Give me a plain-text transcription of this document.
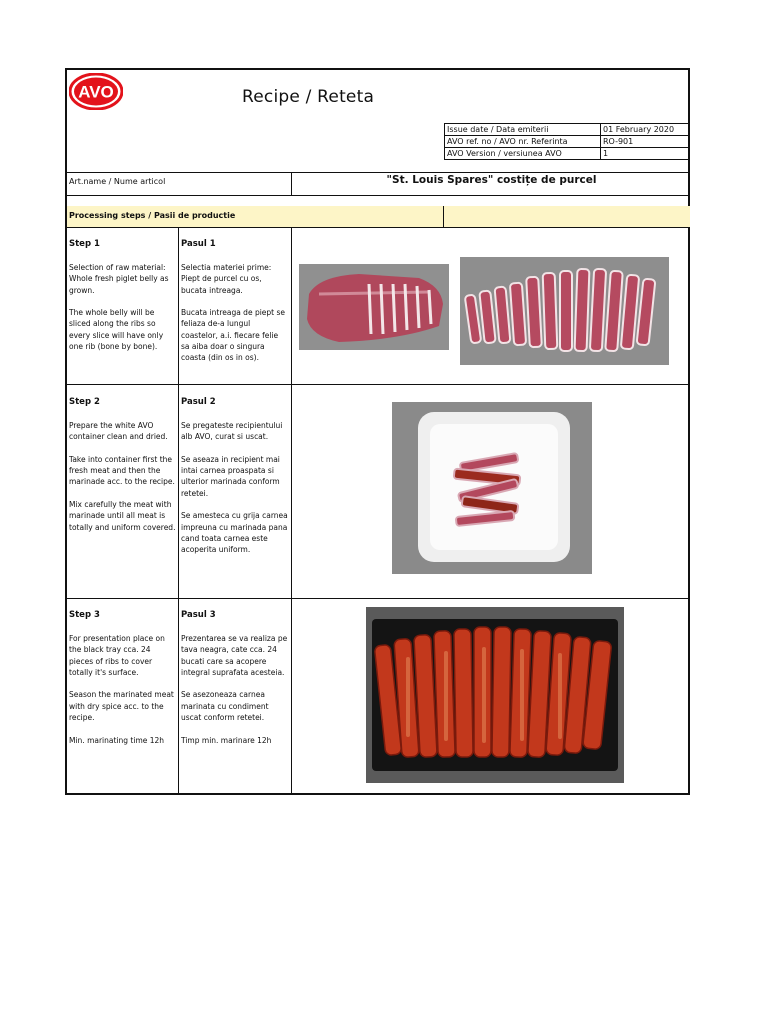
AVO	Recipe / Reteta
Issue date / Data emiterii	01 February 2020
AVO ref. no / AVO nr. Referinta	RO-901
AVO Version / versiunea AVO	1
Art.name / Nume articol	"St. Louis Spares" costițe de purcel
Processing steps / Pasii de productie
Step 1
Selection of raw material: Whole fresh piglet belly as grown.

The whole belly will be sliced along the ribs so every slice will have only one rib (bone by bone).
Pasul 1
Selectia materiei prime: Piept de purcel cu os, bucata intreaga.

Bucata intreaga de piept se feliaza de-a lungul coastelor, a.i. fiecare felie sa aiba doar o singura coasta (din os in os).
Step 2
Prepare the white AVO container clean and dried.

Take into container first the fresh meat and then the marinade acc. to the recipe.

Mix carefully the meat with marinade until all meat is totally and uniform covered.
Pasul 2
Se pregateste recipientului alb AVO, curat si uscat.

Se aseaza in recipient mai intai carnea proaspata si ulterior marinada conform retetei.

Se amesteca cu grija carnea impreuna cu marinada pana cand toata carnea este acoperita uniform.
Step 3
For presentation place on the black tray cca. 24 pieces of ribs to cover totally it's surface.

Season the marinated meat with dry spice acc. to the recipe.

Min. marinating time 12h
Pasul 3
Prezentarea se va realiza pe tava neagra, cate cca. 24 bucati care sa acopere integral suprafata acesteia.

Se asezoneaza carnea marinata cu condiment uscat conform retetei.

Timp min. marinare 12h
